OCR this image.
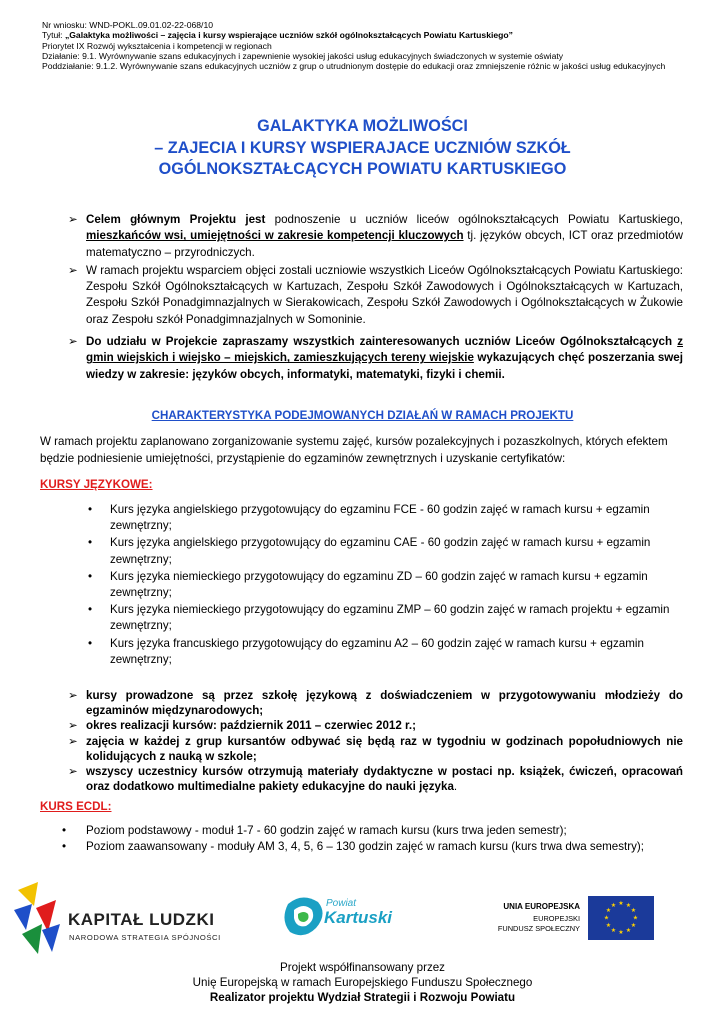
Nr wniosku: WND-POKL.09.01.02-22-068/10
Tytuł: „Galaktyka możliwości – zajęcia i kursy wspierające uczniów szkół ogólnokształcących Powiatu Kartuskiego”
Priorytet IX Rozwój wykształcenia i kompetencji w regionach
Działanie: 9.1. Wyrównywanie szans edukacyjnych i zapewnienie wysokiej jakości usług edukacyjnych świadczonych w systemie oświaty
Poddziałanie: 9.1.2. Wyrównywanie szans edukacyjnych uczniów z grup o utrudnionym dostępie do edukacji oraz zmniejszenie różnic w jakości usług edukacyjnych
GALAKTYKA MOŻLIWOŚCI
– ZAJECIA I KURSY WSPIERAJACE UCZNIÓW SZKÓŁ
OGÓLNOKSZTAŁCĄCYCH POWIATU KARTUSKIEGO
➢ Celem głównym Projektu jest podnoszenie u uczniów liceów ogólnokształcących Powiatu Kartuskiego, mieszkańców wsi, umiejętności w zakresie kompetencji kluczowych tj. języków obcych, ICT oraz przedmiotów matematyczno – przyrodniczych.
➢ W ramach projektu wsparciem objęci zostali uczniowie wszystkich Liceów Ogólnokształcących Powiatu Kartuskiego: Zespołu Szkół Ogólnokształcących w Kartuzach, Zespołu Szkół Zawodowych i Ogólnokształcących w Kartuzach, Zespołu Szkół Ponadgimnazjalnych w Sierakowicach, Zespołu Szkół Zawodowych i Ogólnokształcących w Żukowie oraz Zespołu szkół Ponadgimnazjalnych w Somoninie.
➢ Do udziału w Projekcie zapraszamy wszystkich zainteresowanych uczniów Liceów Ogólnokształcących z gmin wiejskich i wiejsko – miejskich, zamieszkujących tereny wiejskie wykazujących chęć poszerzania swej wiedzy w zakresie: języków obcych, informatyki, matematyki, fizyki i chemii.
CHARAKTERYSTYKA PODEJMOWANYCH DZIAŁAŃ W RAMACH PROJEKTU
W ramach projektu zaplanowano zorganizowanie systemu zajęć, kursów pozalekcyjnych i pozaszkolnych, których efektem będzie podniesienie umiejętności, przystąpienie do egzaminów zewnętrznych i uzyskanie certyfikatów:
KURSY JĘZYKOWE:
• Kurs języka angielskiego przygotowujący do egzaminu FCE - 60 godzin zajęć w ramach kursu + egzamin zewnętrzny;
• Kurs języka angielskiego przygotowujący do egzaminu CAE - 60 godzin zajęć w ramach kursu + egzamin zewnętrzny;
• Kurs języka niemieckiego przygotowujący do egzaminu ZD – 60 godzin zajęć w ramach kursu + egzamin zewnętrzny;
• Kurs języka niemieckiego przygotowujący do egzaminu ZMP – 60 godzin zajęć w ramach projektu + egzamin zewnętrzny;
• Kurs języka francuskiego przygotowujący do egzaminu A2 – 60 godzin zajęć w ramach kursu + egzamin zewnętrzny;
➢ kursy prowadzone są przez szkołę językową z doświadczeniem w przygotowywaniu młodzieży do egzaminów międzynarodowych;
➢ okres realizacji kursów: październik 2011 – czerwiec 2012 r.;
➢ zajęcia w każdej z grup kursantów odbywać się będą raz w tygodniu w godzinach popołudniowych nie kolidujących z nauką w szkole;
➢ wszyscy uczestnicy kursów otrzymują materiały dydaktyczne w postaci np. książek, ćwiczeń, opracowań oraz dodatkowo multimedialne pakiety edukacyjne do nauki języka.
KURS ECDL:
• Poziom podstawowy - moduł 1-7 - 60 godzin zajęć w ramach kursu (kurs trwa jeden semestr);
• Poziom zaawansowany - moduły AM 3, 4, 5, 6 – 130 godzin zajęć w ramach kursu (kurs trwa dwa semestry);
KAPITAŁ LUDZKI
NARODOWA STRATEGIA SPÓJNOŚCI
Powiat
Kartuski
UNIA EUROPEJSKA
EUROPEJSKI
FUNDUSZ SPOŁECZNY
★ ★
★
★
★
★
★
★
★
★
★
★
Projekt współfinansowany przez
Unię Europejską w ramach Europejskiego Funduszu Społecznego
Realizator projektu Wydział Strategii i Rozwoju Powiatu
